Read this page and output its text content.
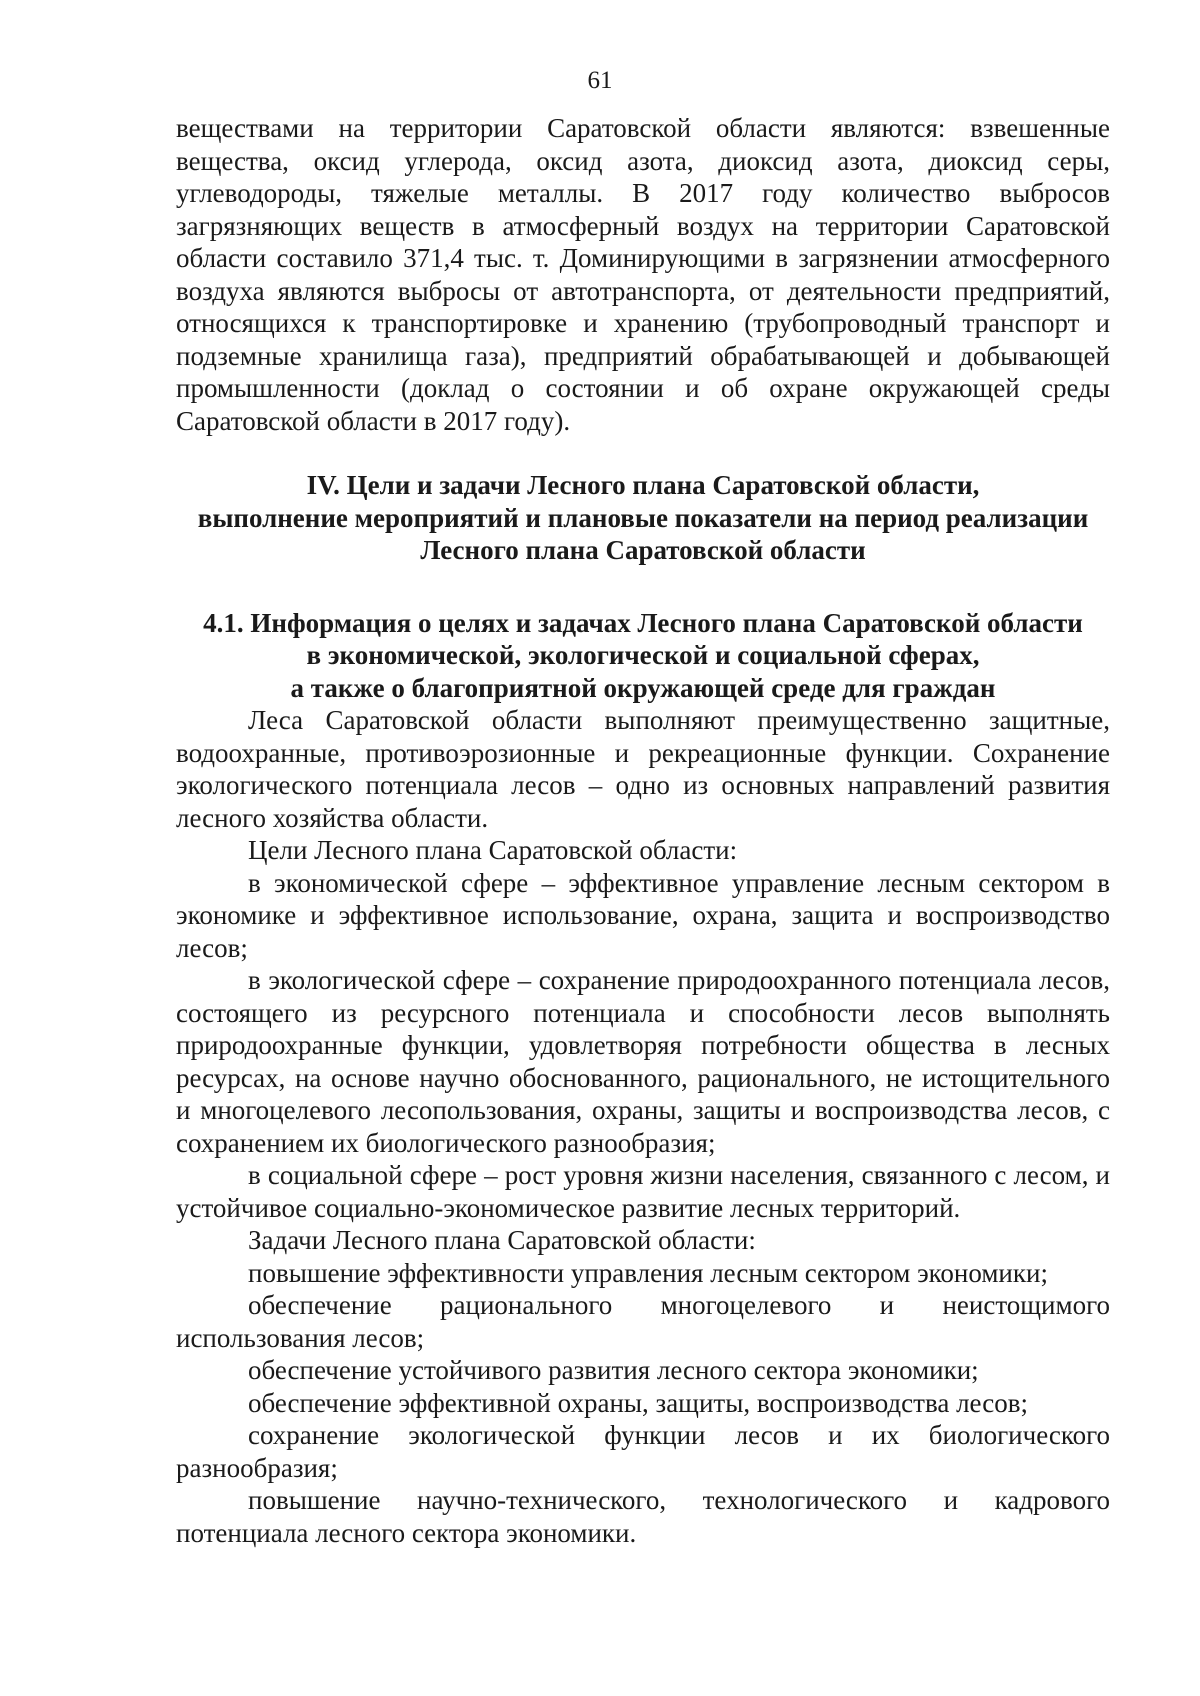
61

веществами на территории Саратовской области являются: взвешенные вещества, оксид углерода, оксид азота, диоксид азота, диоксид серы, углеводороды, тяжелые металлы. В 2017 году количество выбросов загрязняющих веществ в атмосферный воздух на территории Саратовской области составило 371,4 тыс. т. Доминирующими в загрязнении атмосферного воздуха являются выбросы от автотранспорта, от деятельности предприятий, относящихся к транспортировке и хранению (трубопроводный транспорт и подземные хранилища газа), предприятий обрабатывающей и добывающей промышленности (доклад о состоянии и об охране окружающей среды Саратовской области в 2017 году).

IV. Цели и задачи Лесного плана Саратовской области,
выполнение мероприятий и плановые показатели на период реализации
Лесного плана Саратовской области
4.1. Информация о целях и задачах Лесного плана Саратовской области
в экономической, экологической и социальной сферах,
а также о благоприятной окружающей среде для граждан

Леса Саратовской области выполняют преимущественно защитные, водоохранные, противоэрозионные и рекреационные функции. Сохранение экологического потенциала лесов – одно из основных направлений развития лесного хозяйства области.

Цели Лесного плана Саратовской области:

в экономической сфере – эффективное управление лесным сектором в экономике и эффективное использование, охрана, защита и воспроизводство лесов;

в экологической сфере – сохранение природоохранного потенциала лесов, состоящего из ресурсного потенциала и способности лесов выполнять природоохранные функции, удовлетворяя потребности общества в лесных ресурсах, на основе научно обоснованного, рационального, не истощительного и многоцелевого лесопользования, охраны, защиты и воспроизводства лесов, с сохранением их биологического разнообразия;

в социальной сфере – рост уровня жизни населения, связанного с лесом, и устойчивое социально-экономическое развитие лесных территорий.

Задачи Лесного плана Саратовской области:

повышение эффективности управления лесным сектором экономики;

обеспечение рационального многоцелевого и неистощимого использования лесов;

обеспечение устойчивого развития лесного сектора экономики;

обеспечение эффективной охраны, защиты, воспроизводства лесов;

сохранение экологической функции лесов и их биологического разнообразия;

повышение научно-технического, технологического и кадрового потенциала лесного сектора экономики.
